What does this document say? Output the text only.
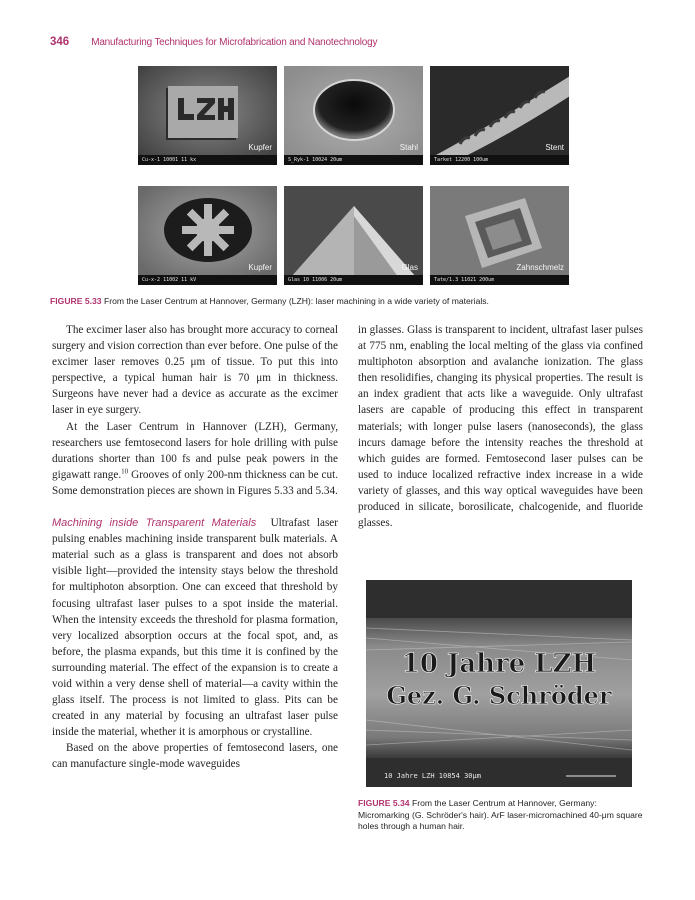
346 Manufacturing Techniques for Microfabrication and Nanotechnology
Kupfer
Cu-x-1 10001 11 kx
Stahl
S_Ryk-1 10024 20um
Stent
Tarket 12200 100um
Kupfer
Cu-x-2 11002 11 kV
Glas
Glas 10 11006 20um
Zahnschmelz
Tate/1.3 11021 200um
FIGURE 5.33 From the Laser Centrum at Hannover, Germany (LZH): laser machining in a wide variety of materials.

The excimer laser also has brought more accuracy to corneal surgery and vision correction than ever before. One pulse of the excimer laser removes 0.25 μm of tissue. To put this into perspective, a typical human hair is 70 μm in thickness. Surgeons have never had a device as accurate as the excimer laser in eye surgery.

At the Laser Centrum in Hannover (LZH), Germany, researchers use femtosecond lasers for hole drilling with pulse durations shorter than 100 fs and pulse peak powers in the gigawatt range.$^{10}$ Grooves of only 200-nm thickness can be cut. Some demonstration pieces are shown in Figures 5.33 and 5.34.

Machining inside Transparent Materials Ultrafast laser pulsing enables machining inside transparent bulk materials. A material such as a glass is transparent and does not absorb visible light—provided the intensity stays below the threshold for multiphoton absorption. One can exceed that threshold by focusing ultrafast laser pulses to a spot inside the material. When the intensity exceeds the threshold for plasma formation, very localized absorption occurs at the focal spot, and, as before, the plasma expands, but this time it is confined by the surrounding material. The effect of the expansion is to create a void within a very dense shell of material—a cavity within the glass itself. The process is not limited to glass. Pits can be created in any material by focusing an ultrafast laser pulse inside the material, whether it is amorphous or crystalline.

Based on the above properties of femtosecond lasers, one can manufacture single-mode waveguides

in glasses. Glass is transparent to incident, ultrafast laser pulses at 775 nm, enabling the local melting of the glass via confined multiphoton absorption and avalanche ionization. The glass then resolidifies, changing its physical properties. The result is an index gradient that acts like a waveguide. Only ultrafast lasers are capable of producing this effect in transparent materials; with longer pulse lasers (nanoseconds), the glass incurs damage before the intensity reaches the threshold at which guides are formed. Femtosecond laser pulses can be used to induce localized refractive index increase in a wide variety of glasses, and this way optical waveguides have been produced in silicate, borosilicate, chalcogenide, and fluoride glasses.

10 Jahre LZH
Gez. G. Schröder
10 Jahre LZH 10854 30μm
FIGURE 5.34 From the Laser Centrum at Hannover, Germany: Micromarking (G. Schröder's hair). ArF laser-micromachined 40-μm square holes through a human hair.
